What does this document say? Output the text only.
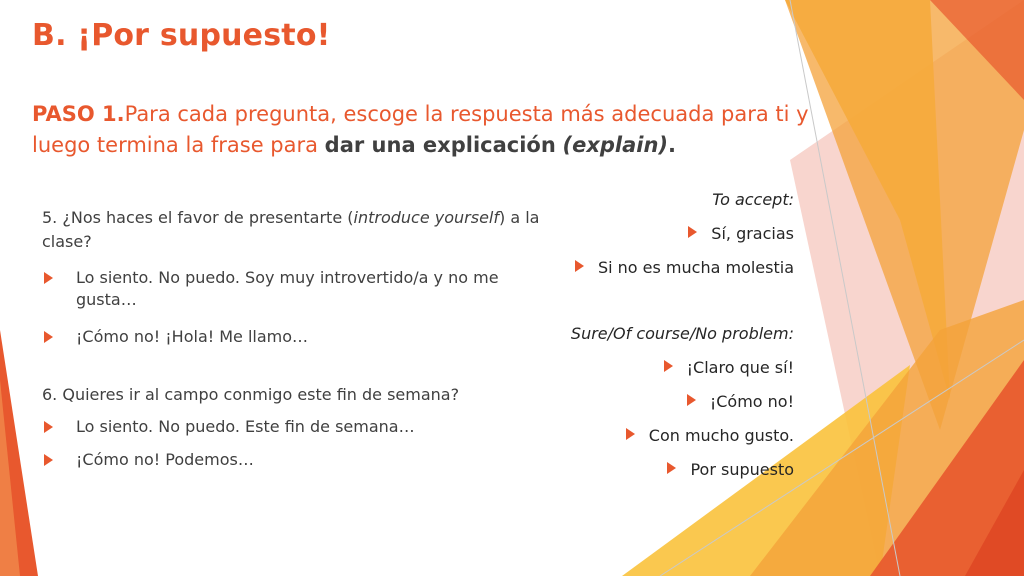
B. ¡Por supuesto!
PASO 1.Para cada pregunta, escoge la respuesta más adecuada para ti y luego termina la frase para dar una explicación (explain).
5. ¿Nos haces el favor de presentarte (introduce yourself) a la clase?
Lo siento. No puedo. Soy muy introvertido/a y no me gusta…
¡Cómo no! ¡Hola! Me llamo…
6. Quieres ir al campo conmigo este fin de semana?
Lo siento. No puedo. Este fin de semana…
¡Cómo no! Podemos…
To accept:
Sí, gracias
Si no es mucha molestia
Sure/Of course/No problem:
¡Claro que sí!
¡Cómo no!
Con mucho gusto.
Por supuesto
